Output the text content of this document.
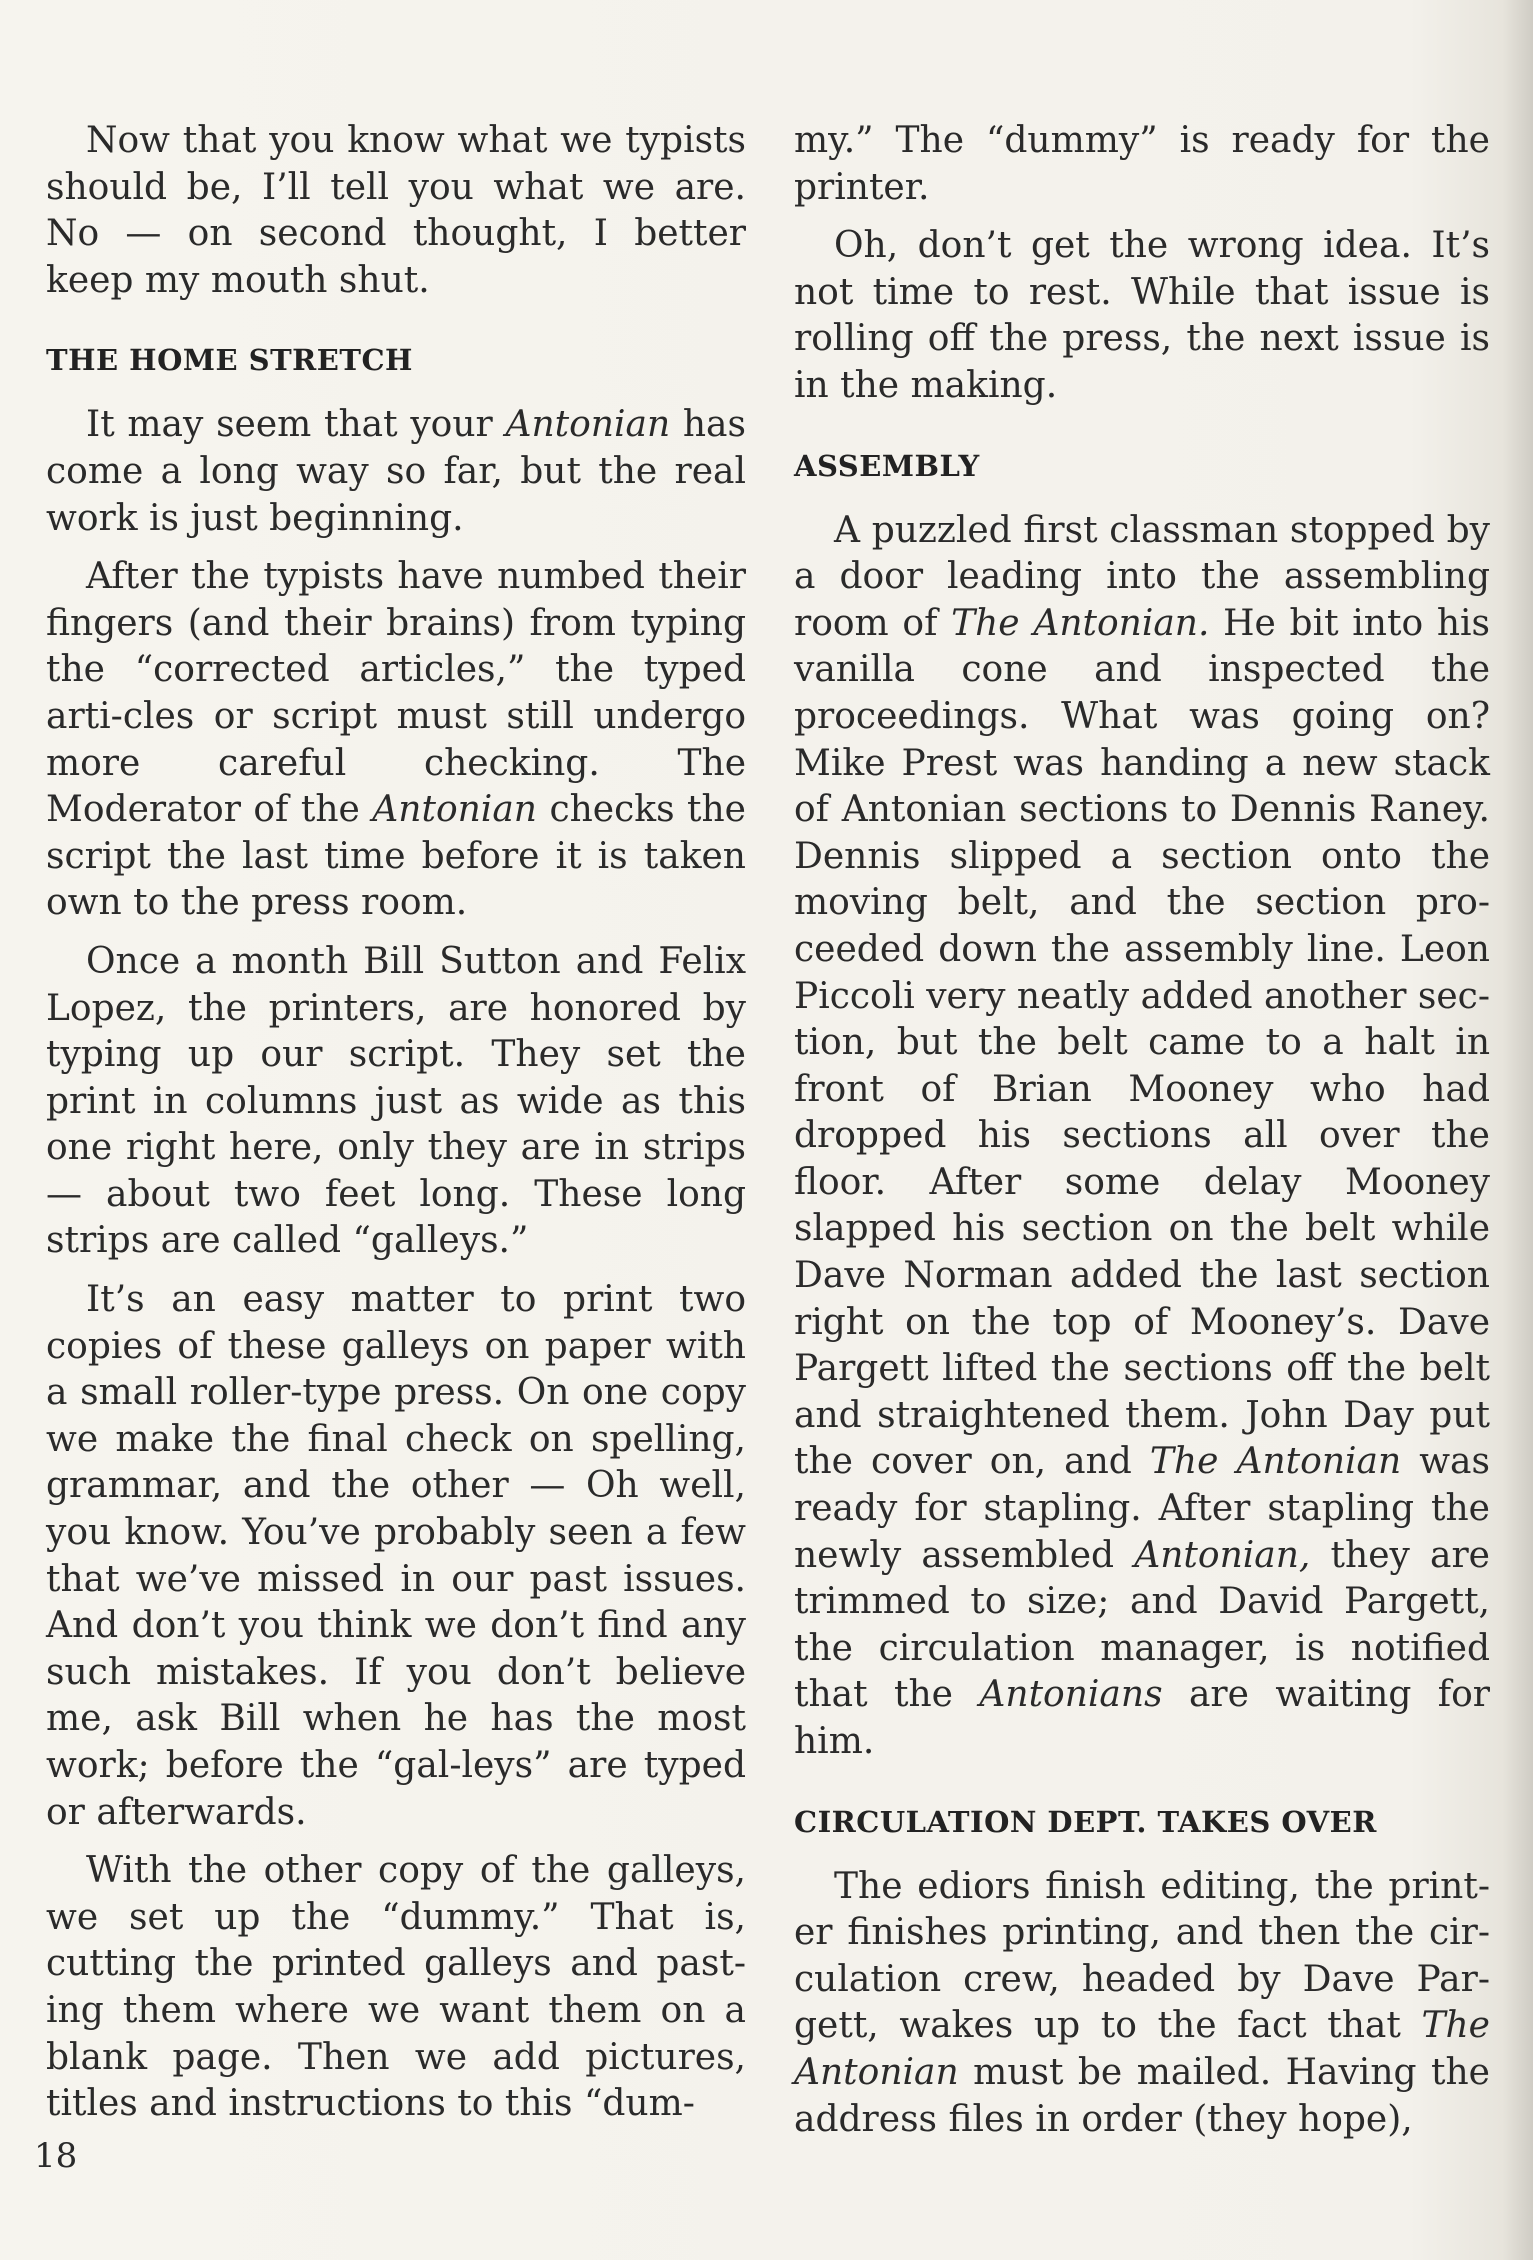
Now that you know what we typists should be, I’ll tell you what we are. No — on second thought, I better keep my mouth shut.

THE HOME STRETCH

It may seem that your Antonian has come a long way so far, but the real work is just beginning.

After the typists have numbed their fingers (and their brains) from typing the “corrected articles,” the typed arti-cles or script must still undergo more careful checking. The Moderator of the Antonian checks the script the last time before it is taken own to the press room.

Once a month Bill Sutton and Felix Lopez, the printers, are honored by typing up our script. They set the print in columns just as wide as this one right here, only they are in strips — about two feet long. These long strips are called “galleys.”

It’s an easy matter to print two copies of these galleys on paper with a small roller-type press. On one copy we make the final check on spelling, grammar, and the other — Oh well, you know. You’ve probably seen a few that we’ve missed in our past issues. And don’t you think we don’t find any such mistakes. If you don’t believe me, ask Bill when he has the most work; before the “gal-leys” are typed or afterwards.

With the other copy of the galleys, we set up the “dummy.” That is, cutting the printed galleys and past-ing them where we want them on a blank page. Then we add pictures, titles and instructions to this “dum-

my.” The “dummy” is ready for the printer.

Oh, don’t get the wrong idea. It’s not time to rest. While that issue is rolling off the press, the next issue is in the making.

ASSEMBLY

A puzzled first classman stopped by a door leading into the assembling room of The Antonian. He bit into his vanilla cone and inspected the proceedings. What was going on? Mike Prest was handing a new stack of Antonian sections to Dennis Raney. Dennis slipped a section onto the moving belt, and the section pro-ceeded down the assembly line. Leon Piccoli very neatly added another sec-tion, but the belt came to a halt in front of Brian Mooney who had dropped his sections all over the floor. After some delay Mooney slapped his section on the belt while Dave Norman added the last section right on the top of Mooney’s. Dave Pargett lifted the sections off the belt and straightened them. John Day put the cover on, and The Antonian was ready for stapling. After stapling the newly assembled Antonian, they are trimmed to size; and David Pargett, the circulation manager, is notified that the Antonians are waiting for him.

CIRCULATION DEPT. TAKES OVER

The ediors finish editing, the print-er finishes printing, and then the cir-culation crew, headed by Dave Par-gett, wakes up to the fact that The Antonian must be mailed. Having the address files in order (they hope),

18
